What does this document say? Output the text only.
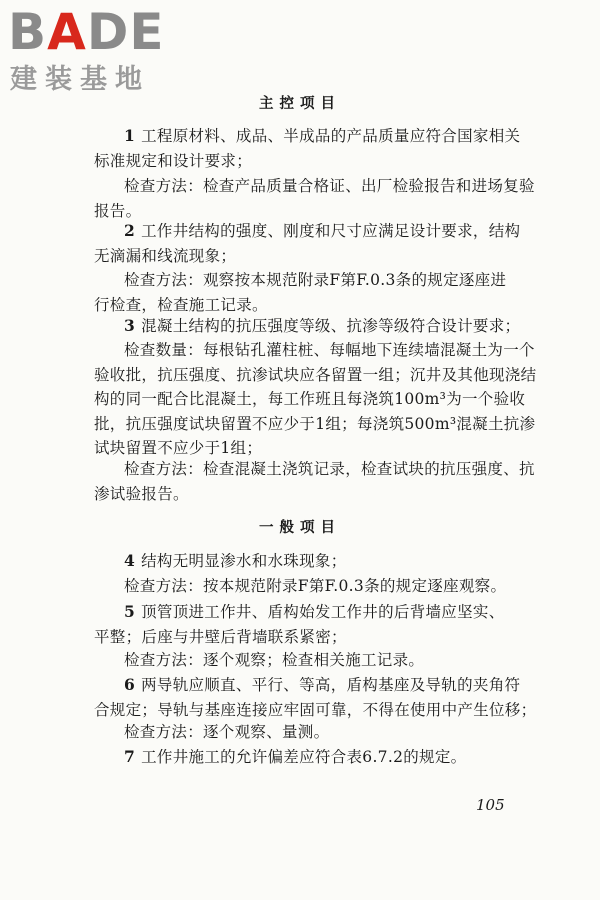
BADE
建装基地
主控项目
1 工程原材料、成品、半成品的产品质量应符合国家相关
标准规定和设计要求；
检查方法：检查产品质量合格证、出厂检验报告和进场复验
报告。
2 工作井结构的强度、刚度和尺寸应满足设计要求，结构
无滴漏和线流现象；
检查方法：观察按本规范附录F第F.0.3条的规定逐座进
行检查，检查施工记录。
3 混凝土结构的抗压强度等级、抗渗等级符合设计要求；
检查数量：每根钻孔灌柱桩、每幅地下连续墙混凝土为一个
验收批，抗压强度、抗渗试块应各留置一组；沉井及其他现浇结
构的同一配合比混凝土，每工作班且每浇筑100m³为一个验收
批，抗压强度试块留置不应少于1组；每浇筑500m³混凝土抗渗
试块留置不应少于1组；
检查方法：检查混凝土浇筑记录，检查试块的抗压强度、抗
渗试验报告。
一般项目
4 结构无明显渗水和水珠现象；
检查方法：按本规范附录F第F.0.3条的规定逐座观察。
5 顶管顶进工作井、盾构始发工作井的后背墙应坚实、
平整；后座与井壁后背墙联系紧密；
检查方法：逐个观察；检查相关施工记录。
6 两导轨应顺直、平行、等高，盾构基座及导轨的夹角符
合规定；导轨与基座连接应牢固可靠，不得在使用中产生位移；
检查方法：逐个观察、量测。
7 工作井施工的允许偏差应符合表6.7.2的规定。
105
